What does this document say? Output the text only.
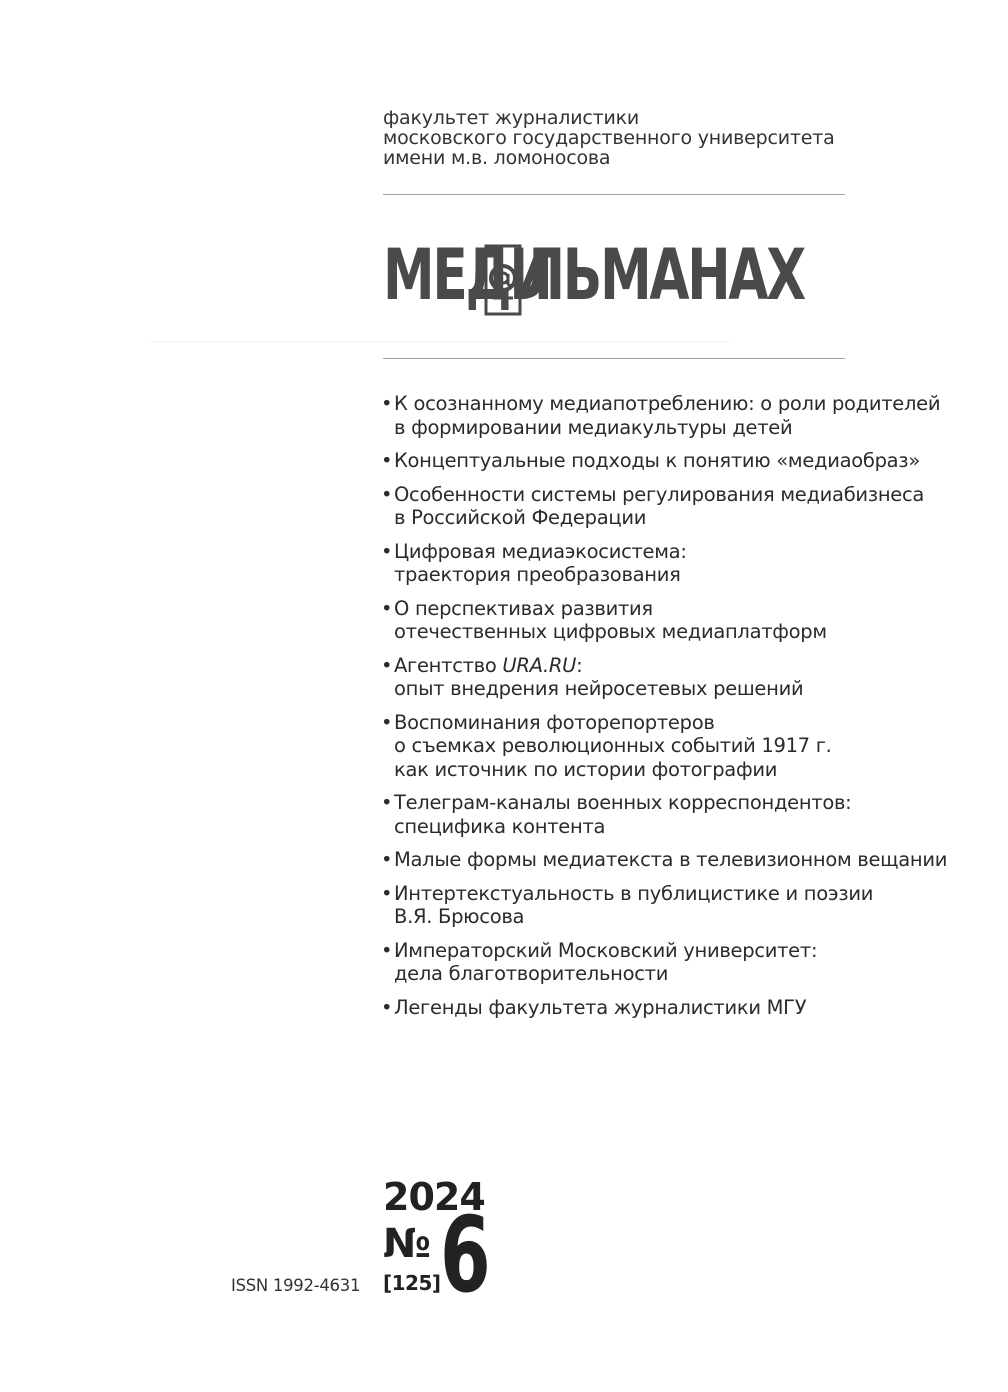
факультет журналистики
московского государственного университета
имени м.в. ломоносова
МЕДИ
ЛЬМАНАХ
• К осознанному медиапотреблению: о роли родителей
в формировании медиакультуры детей
• Концептуальные подходы к понятию «медиаобраз»
• Особенности системы регулирования медиабизнеса
в Российской Федерации
• Цифровая медиаэкосистема:
траектория преобразования
• О перспективах развития
отечественных цифровых медиаплатформ
• Агентство URA.RU:
опыт внедрения нейросетевых решений
• Воспоминания фоторепортеров
о съемках революционных событий 1917 г.
как источник по истории фотографии
• Телеграм-каналы военных корреспондентов:
специфика контента
• Малые формы медиатекста в телевизионном вещании
• Интертекстуальность в публицистике и поэзии
В.Я. Брюсова
• Императорский Московский университет:
дела благотворительности
• Легенды факультета журналистики МГУ
2024
№ 6
[125]
ISSN 1992-4631
